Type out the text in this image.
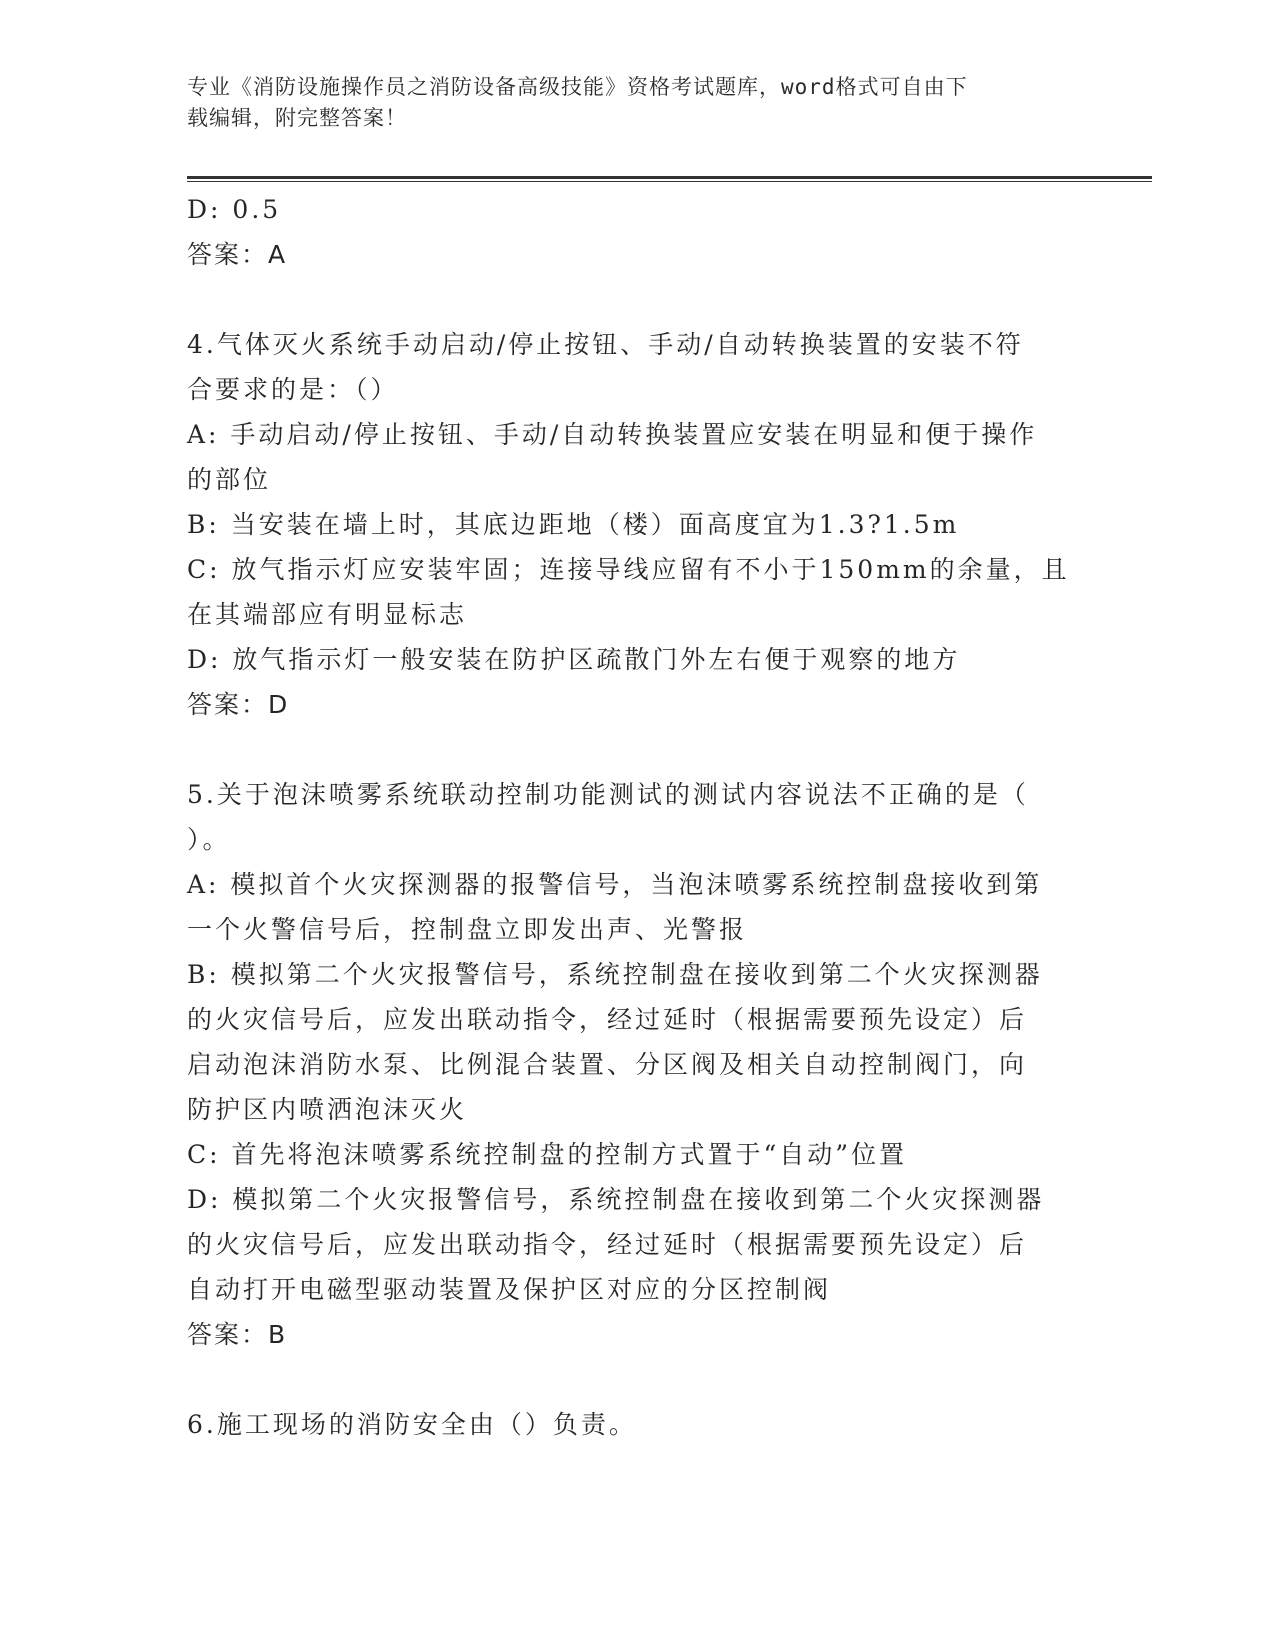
专业《消防设施操作员之消防设备高级技能》资格考试题库，word格式可自由下
载编辑，附完整答案！
D: 0.5
答案：A
4.气体灭火系统手动启动/停止按钮、手动/自动转换装置的安装不符
合要求的是：（）
A: 手动启动/停止按钮、手动/自动转换装置应安装在明显和便于操作
的部位
B: 当安装在墙上时，其底边距地（楼）面高度宜为1.3?1.5m
C: 放气指示灯应安装牢固；连接导线应留有不小于150mm的余量，且
在其端部应有明显标志
D: 放气指示灯一般安装在防护区疏散门外左右便于观察的地方
答案：D
5.关于泡沫喷雾系统联动控制功能测试的测试内容说法不正确的是（
）。
A: 模拟首个火灾探测器的报警信号，当泡沫喷雾系统控制盘接收到第
一个火警信号后，控制盘立即发出声、光警报
B: 模拟第二个火灾报警信号，系统控制盘在接收到第二个火灾探测器
的火灾信号后，应发出联动指令，经过延时（根据需要预先设定）后
启动泡沫消防水泵、比例混合装置、分区阀及相关自动控制阀门，向
防护区内喷洒泡沫灭火
C: 首先将泡沫喷雾系统控制盘的控制方式置于“自动”位置
D: 模拟第二个火灾报警信号，系统控制盘在接收到第二个火灾探测器
的火灾信号后，应发出联动指令，经过延时（根据需要预先设定）后
自动打开电磁型驱动装置及保护区对应的分区控制阀
答案：B
6.施工现场的消防安全由（）负责。
